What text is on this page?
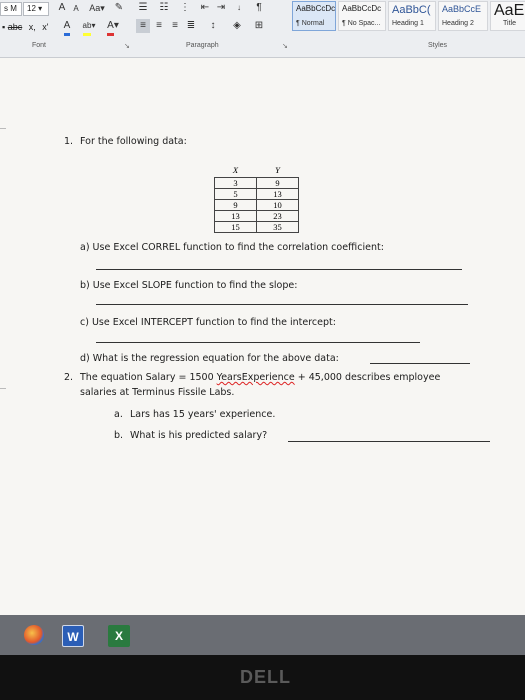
s M	12 ▾	A	A	Aa▾ ✎	☰	☷	⋮	⇤ ⇥	↓	¶
▪ abc x, x'	A	ab▾	A▾	≡	≡	≡ ≣	↕	◈	⊞
Font	↘	Paragraph	↘	Styles
AaBbCcDc
¶ Normal
AaBbCcDc
¶ No Spac...
AaBbC(
Heading 1
AaBbCcE
Heading 2
AaE
Title
1. For the following data:
X	Y
3	9
5	13
9	10
13	23
15	35
a) Use Excel CORREL function to find the correlation coefficient:
b) Use Excel SLOPE function to find the slope:
c) Use Excel INTERCEPT function to find the intercept:
d) What is the regression equation for the above data:
2. The equation Salary = 1500 YearsExperience + 45,000 describes employee
salaries at Terminus Fissile Labs.
a. Lars has 15 years' experience.
b. What is his predicted salary?
W	X
DELL
